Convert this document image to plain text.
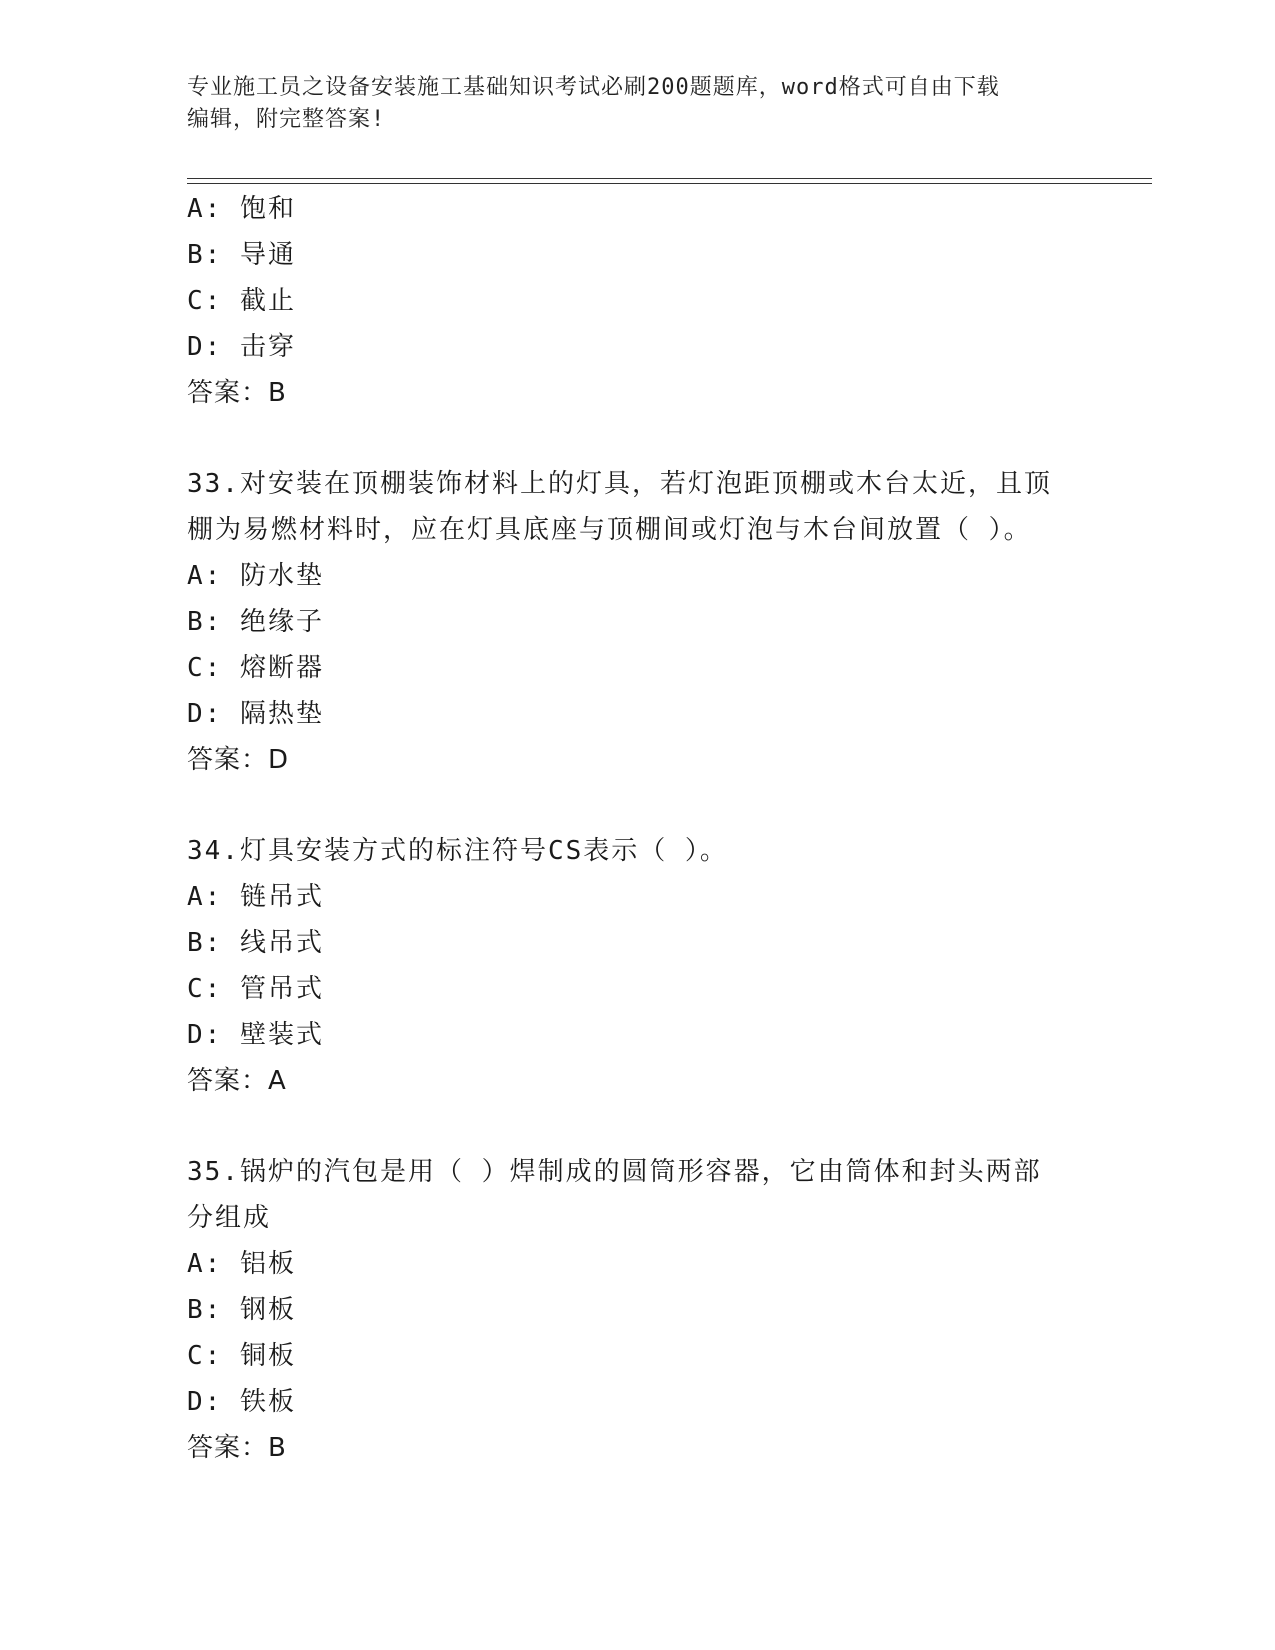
专业施工员之设备安装施工基础知识考试必刷200题题库，word格式可自由下载
编辑，附完整答案!
A: 饱和
B: 导通
C: 截止
D: 击穿
答案：B
33.对安装在顶棚装饰材料上的灯具，若灯泡距顶棚或木台太近，且顶
棚为易燃材料时，应在灯具底座与顶棚间或灯泡与木台间放置（ ）。
A: 防水垫
B: 绝缘子
C: 熔断器
D: 隔热垫
答案：D
34.灯具安装方式的标注符号CS表示（ ）。
A: 链吊式
B: 线吊式
C: 管吊式
D: 壁装式
答案：A
35.锅炉的汽包是用（ ）焊制成的圆筒形容器，它由筒体和封头两部
分组成
A: 铝板
B: 钢板
C: 铜板
D: 铁板
答案：B
